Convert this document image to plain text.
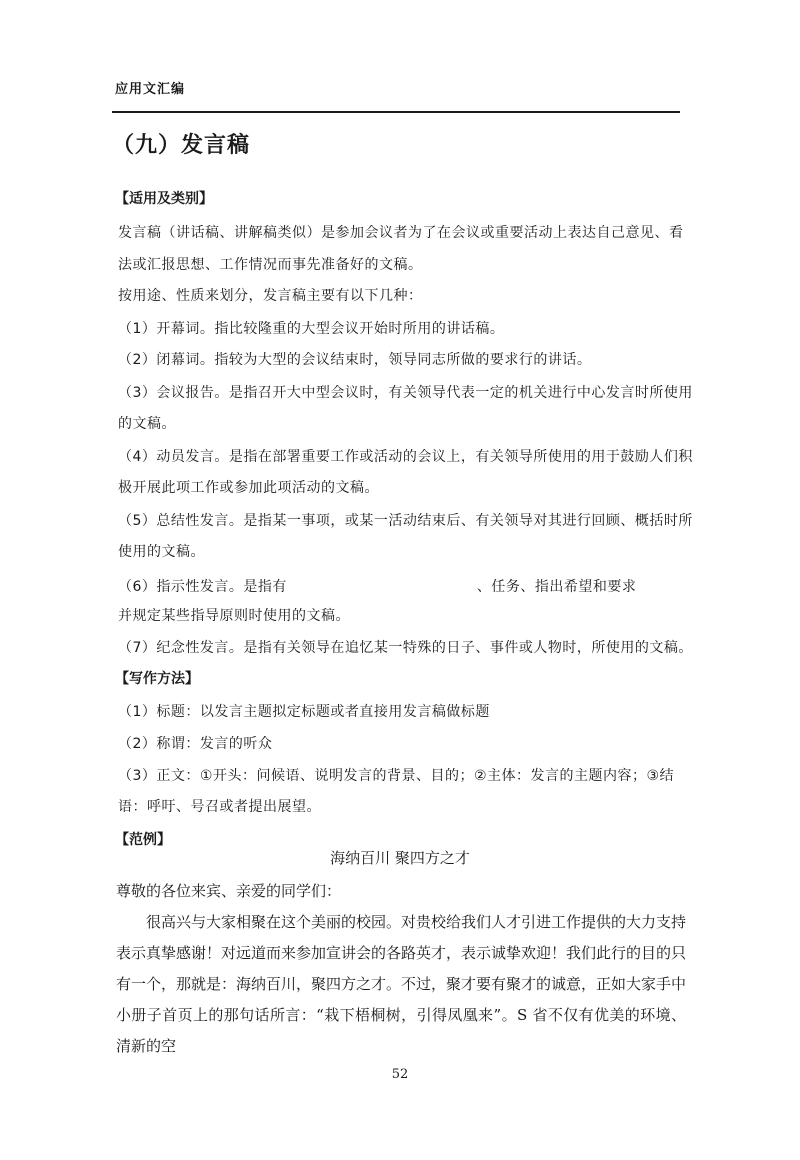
应用文汇编
（九）发言稿
【适用及类别】
发言稿（讲话稿、讲解稿类似）是参加会议者为了在会议或重要活动上表达自己意见、看
法或汇报思想、工作情况而事先准备好的文稿。
按用途、性质来划分，发言稿主要有以下几种：
（1）开幕词。指比较隆重的大型会议开始时所用的讲话稿。
（2）闭幕词。指较为大型的会议结束时，领导同志所做的要求行的讲话。
（3）会议报告。是指召开大中型会议时，有关领导代表一定的机关进行中心发言时所使用
的文稿。
（4）动员发言。是指在部署重要工作或活动的会议上，有关领导所使用的用于鼓励人们积
极开展此项工作或参加此项活动的文稿。
（5）总结性发言。是指某一事项，或某一活动结束后、有关领导对其进行回顾、概括时所
使用的文稿。
（6）指示性发言。是指有	、任务、指出希望和要求
并规定某些指导原则时使用的文稿。
（7）纪念性发言。是指有关领导在追忆某一特殊的日子、事件或人物时，所使用的文稿。
【写作方法】
（1）标题：以发言主题拟定标题或者直接用发言稿做标题
（2）称谓：发言的听众
（3）正文：①开头：问候语、说明发言的背景、目的；②主体：发言的主题内容；③结
语：呼吁、号召或者提出展望。
【范例】
海纳百川 聚四方之才
尊敬的各位来宾、亲爱的同学们：

很高兴与大家相聚在这个美丽的校园。对贵校给我们人才引进工作提供的大力支持表示真挚感谢！对远道而来参加宣讲会的各路英才，表示诚挚欢迎！我们此行的目的只有一个，那就是：海纳百川，聚四方之才。不过，聚才要有聚才的诚意，正如大家手中小册子首页上的那句话所言：“栽下梧桐树，引得凤凰来”。S 省不仅有优美的环境、清新的空

52
